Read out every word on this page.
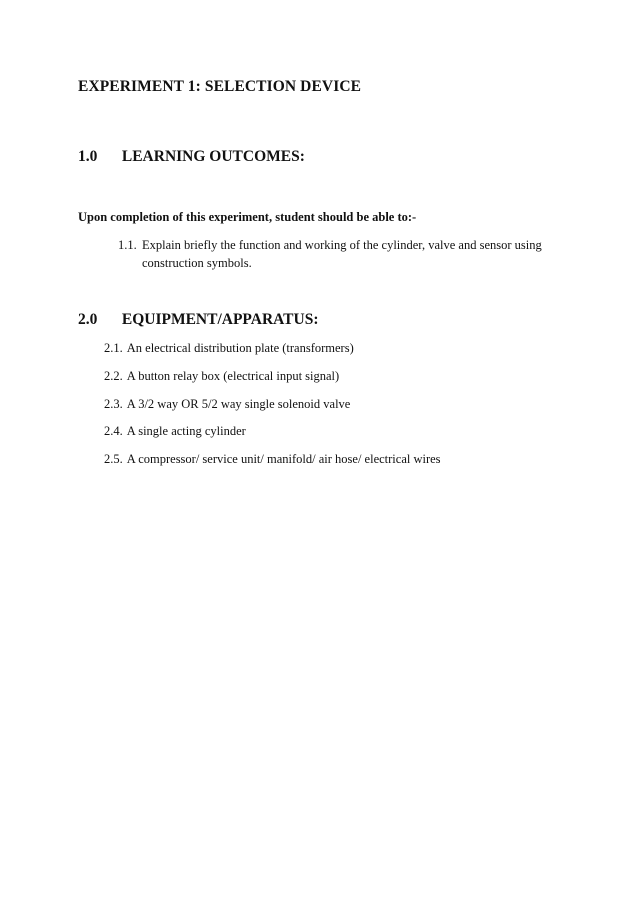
EXPERIMENT 1: SELECTION DEVICE
1.0 LEARNING OUTCOMES:
Upon completion of this experiment, student should be able to:-
1.1. Explain briefly the function and working of the cylinder, valve and sensor using
construction symbols.
2.0 EQUIPMENT/APPARATUS:
2.1. An electrical distribution plate (transformers)
2.2. A button relay box (electrical input signal)
2.3. A 3/2 way OR 5/2 way single solenoid valve
2.4. A single acting cylinder
2.5. A compressor/ service unit/ manifold/ air hose/ electrical wires
